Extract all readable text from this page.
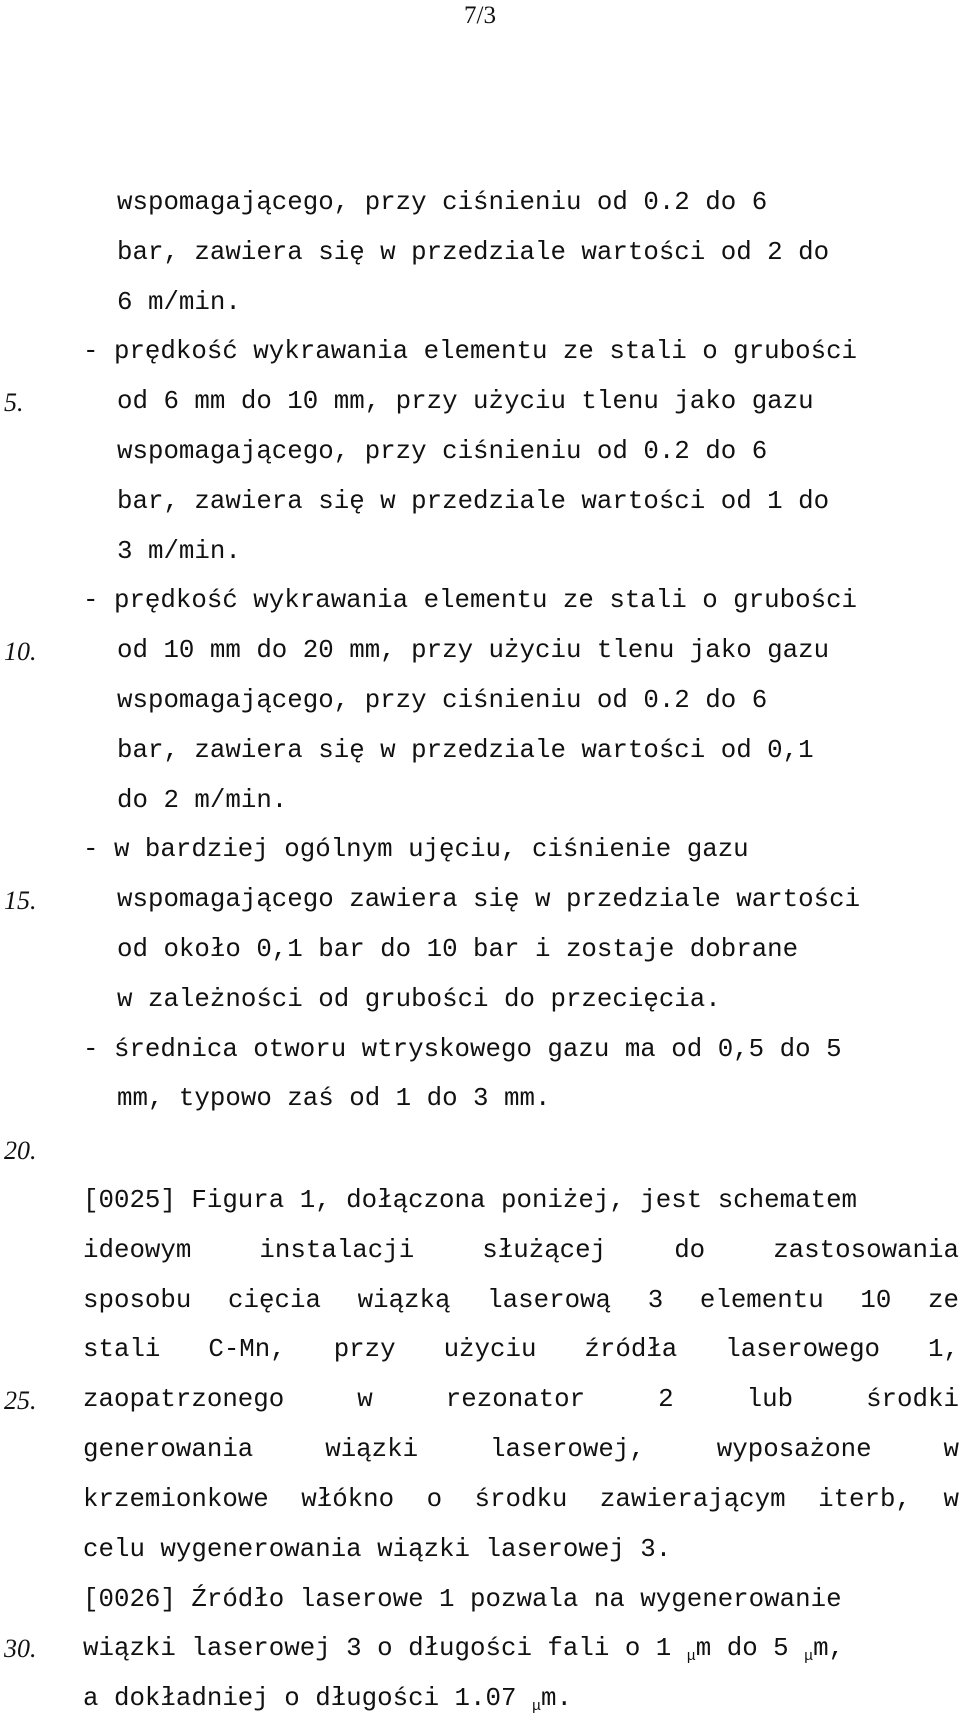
7/3
5.
10.
15.
20.
25.
30.
wspomagającego, przy ciśnieniu od 0.2 do 6
bar, zawiera się w przedziale wartości od 2 do
6 m/min.
- prędkość wykrawania elementu ze stali o grubości
od 6 mm do 10 mm, przy użyciu tlenu jako gazu
wspomagającego, przy ciśnieniu od 0.2 do 6
bar, zawiera się w przedziale wartości od 1 do
3 m/min.
- prędkość wykrawania elementu ze stali o grubości
od 10 mm do 20 mm, przy użyciu tlenu jako gazu
wspomagającego, przy ciśnieniu od 0.2 do 6
bar, zawiera się w przedziale wartości od 0,1
do 2 m/min.
- w bardziej ogólnym ujęciu, ciśnienie gazu
wspomagającego zawiera się w przedziale wartości
od około 0,1 bar do 10 bar i zostaje dobrane
w zależności od grubości do przecięcia.
- średnica otworu wtryskowego gazu ma od 0,5 do 5
mm, typowo zaś od 1 do 3 mm.
[0025] Figura 1, dołączona poniżej, jest schematem
ideowym	instalacji	służącej	do	zastosowania
sposobu cięcia wiązką laserową 3 elementu 10 ze
stali C-Mn, przy użyciu źródła laserowego 1,
zaopatrzonego	w	rezonator	2	lub	środki
generowania	wiązki	laserowej,	wyposażone	w
krzemionkowe włókno o środku zawierającym iterb, w
celu wygenerowania wiązki laserowej 3.
[0026] Źródło laserowe 1 pozwala na wygenerowanie
wiązki laserowej 3 o długości fali o 1 $_\mu$m do 5 $_\mu$m,
a dokładniej o długości 1.07 $_\mu$m.
